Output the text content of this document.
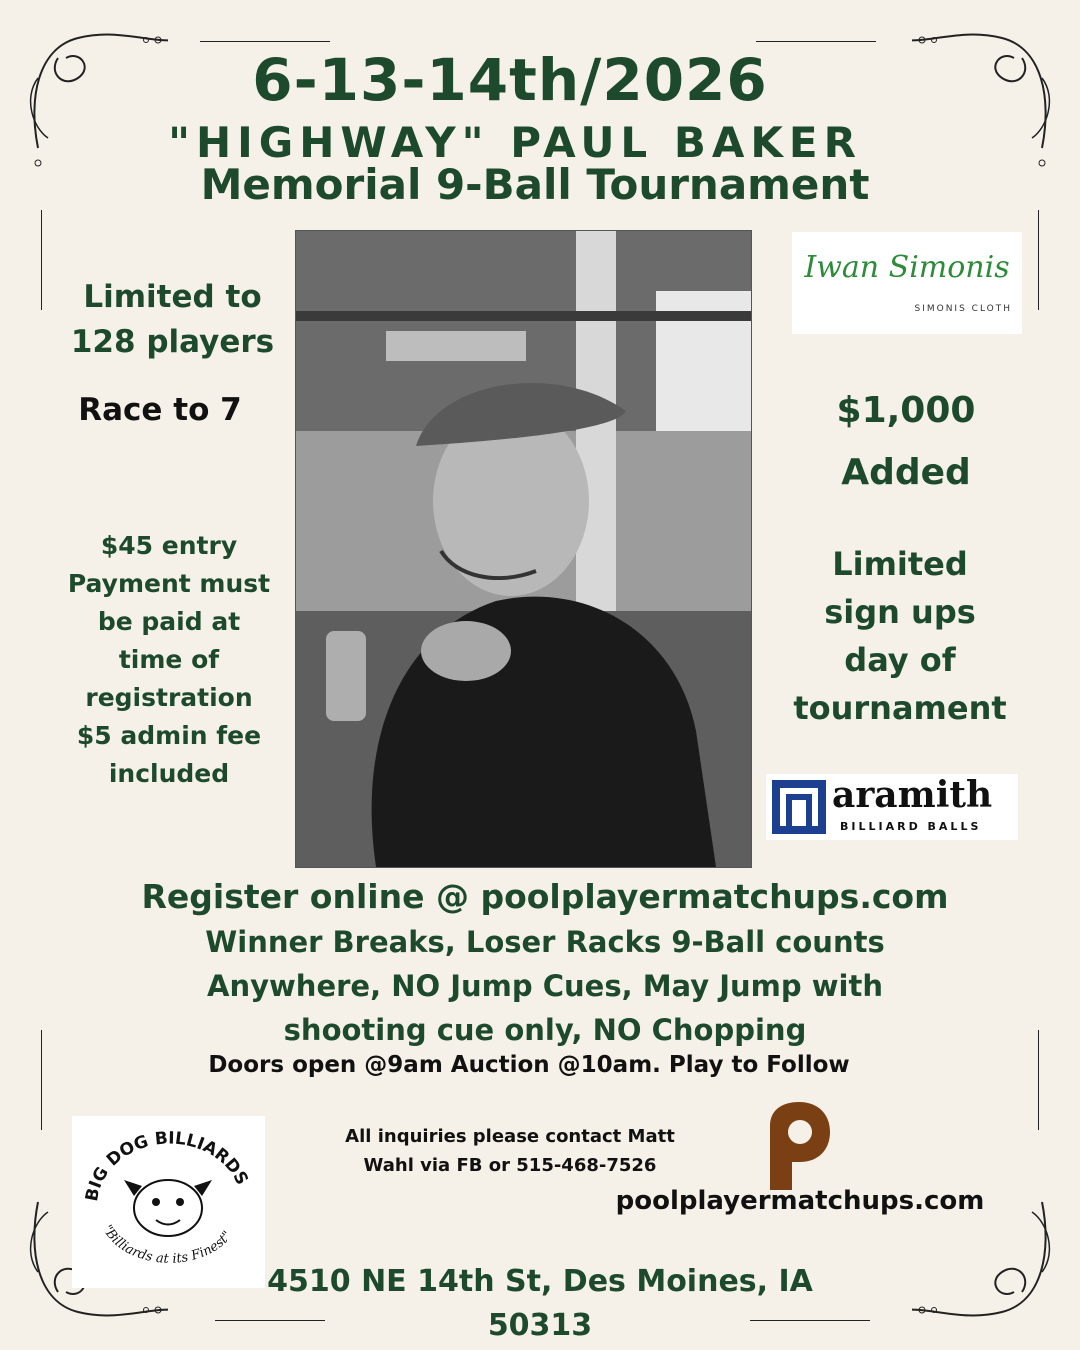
6-13-14th/2026
"HIGHWAY" PAUL BAKER
Memorial 9-Ball Tournament
Limited to
128 players
Race to 7
$45 entry
Payment must
be paid at
time of
registration
$5 admin fee
included
Iwan Simonis
SIMONIS CLOTH
$1,000
Added
Limited
sign ups
day of
tournament
aramith
BILLIARD BALLS
Register online @ poolplayermatchups.com
Winner Breaks, Loser Racks 9-Ball counts
Anywhere, NO Jump Cues, May Jump with
shooting cue only, NO Chopping
Doors open @9am Auction @10am. Play to Follow
BIG DOG BILLIARDS
"Billiards at its Finest"
All inquiries please contact Matt
Wahl via FB or 515-468-7526
poolplayermatchups.com
4510 NE 14th St, Des Moines, IA
50313
